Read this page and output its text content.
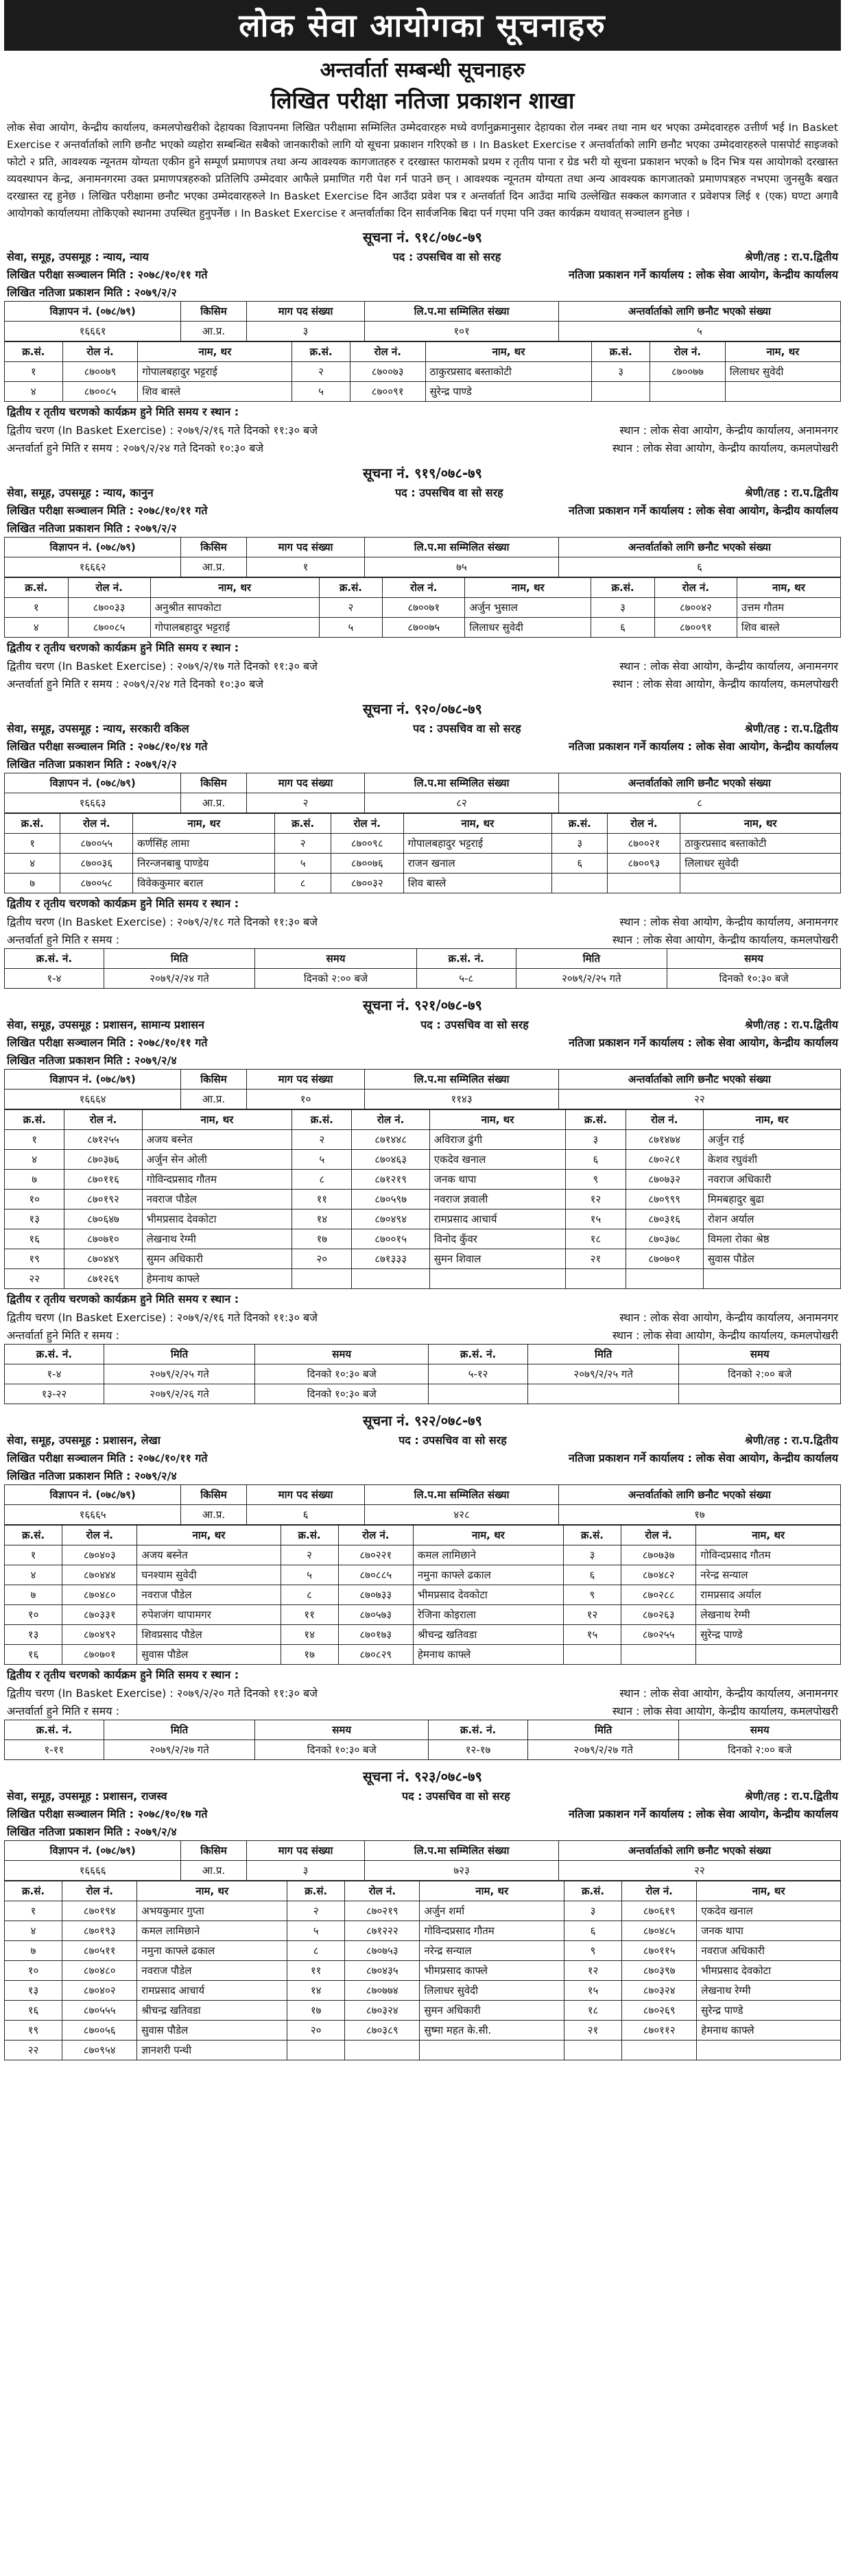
लोक सेवा आयोगका सूचनाहरु
अन्तर्वार्ता सम्बन्धी सूचनाहरु
लिखित परीक्षा नतिजा प्रकाशन शाखा

लोक सेवा आयोग, केन्द्रीय कार्यालय, कमलपोखरीको देहायका विज्ञापनमा लिखित परीक्षामा सम्मिलित उम्मेदवारहरु मध्ये वर्णानुक्रमानुसार देहायका रोल नम्बर तथा नाम थर भएका उम्मेदवारहरु उत्तीर्ण भई In Basket Exercise र अन्तर्वार्ताको लागि छनौट भएको व्यहोरा सम्बन्धित सबैको जानकारीको लागि यो सूचना प्रकाशन गरिएको छ । In Basket Exercise र अन्तर्वार्ताको लागि छनौट भएका उम्मेदवारहरुले पासपोर्ट साइजको फोटो २ प्रति, आवश्यक न्यूनतम योग्यता एकीन हुने सम्पूर्ण प्रमाणपत्र तथा अन्य आवश्यक कागजातहरु र दरखास्त फारामको प्रथम र तृतीय पाना र ग्रेड भरी यो सूचना प्रकाशन भएको ७ दिन भित्र यस आयोगको दरखास्त व्यवस्थापन केन्द्र, अनामनगरमा उक्त प्रमाणपत्रहरुको प्रतिलिपि उम्मेदवार आफैले प्रमाणित गरी पेश गर्न पाउने छन् । आवश्यक न्यूनतम योग्यता तथा अन्य आवश्यक कागजातको प्रमाणपत्रहरु नभएमा जुनसुकै बखत दरखास्त रद्द हुनेछ । लिखित परीक्षामा छनौट भएका उम्मेदवारहरुले In Basket Exercise दिन आउँदा प्रवेश पत्र र अन्तर्वार्ता दिन आउँदा माथि उल्लेखित सक्कल कागजात र प्रवेशपत्र लिई १ (एक) घण्टा अगावै आयोगको कार्यालयमा तोकिएको स्थानमा उपस्थित हुनुपर्नेछ । In Basket Exercise र अन्तर्वार्ताका दिन सार्वजनिक बिदा पर्न गएमा पनि उक्त कार्यक्रम यथावत् सञ्चालन हुनेछ ।

सूचना नं. ९१८/०७८-७९
सेवा, समूह, उपसमूह : न्याय, न्याय	पद : उपसचिव वा सो सरह	श्रेणी/तह : रा.प.द्वितीय
लिखित परीक्षा सञ्चालन मिति : २०७८/१०/११ गते	नतिजा प्रकाशन गर्ने कार्यालय : लोक सेवा आयोग, केन्द्रीय कार्यालय
लिखित नतिजा प्रकाशन मिति : २०७९/२/२
विज्ञापन नं. (०७८/७९)	किसिम	माग पद संख्या	लि.प.मा सम्मिलित संख्या	अन्तर्वार्ताको लागि छनौट भएको संख्या
१६६६१	आ.प्र.	३	१०१	५
क्र.सं.	रोल नं.	नाम, थर	क्र.सं.	रोल नं.	नाम, थर	क्र.सं.	रोल नं.	नाम, थर
१	८७००७९	गोपालबहादुर भट्टराई	२	८७००७३	ठाकुरप्रसाद बस्ताकोटी	३	८७००७७	लिलाधर सुवेदी
४	८७००८५	शिव बास्ले	५	८७००९१	सुरेन्द्र पाण्डे			
द्वितीय र तृतीय चरणको कार्यक्रम हुने मिति समय र स्थान :
द्वितीय चरण (In Basket Exercise) : २०७९/२/१६ गते दिनको ११:३० बजे	स्थान : लोक सेवा आयोग, केन्द्रीय कार्यालय, अनामनगर
अन्तर्वार्ता हुने मिति र समय : २०७९/२/२४ गते दिनको १०:३० बजे	स्थान : लोक सेवा आयोग, केन्द्रीय कार्यालय, कमलपोखरी
सूचना नं. ९१९/०७८-७९
सेवा, समूह, उपसमूह : न्याय, कानुन	पद : उपसचिव वा सो सरह	श्रेणी/तह : रा.प.द्वितीय
लिखित परीक्षा सञ्चालन मिति : २०७८/१०/११ गते	नतिजा प्रकाशन गर्ने कार्यालय : लोक सेवा आयोग, केन्द्रीय कार्यालय
लिखित नतिजा प्रकाशन मिति : २०७९/२/२
विज्ञापन नं. (०७८/७९)	किसिम	माग पद संख्या	लि.प.मा सम्मिलित संख्या	अन्तर्वार्ताको लागि छनौट भएको संख्या
१६६६२	आ.प्र.	१	७५	६
क्र.सं.	रोल नं.	नाम, थर	क्र.सं.	रोल नं.	नाम, थर	क्र.सं.	रोल नं.	नाम, थर
१	८७००३३	अनुश्रीत सापकोटा	२	८७००७१	अर्जुन भुसाल	३	८७००४२	उत्तम गौतम
४	८७००८५	गोपालबहादुर भट्टराई	५	८७००७५	लिलाधर सुवेदी	६	८७००९१	शिव बास्ले
द्वितीय र तृतीय चरणको कार्यक्रम हुने मिति समय र स्थान :
द्वितीय चरण (In Basket Exercise) : २०७९/२/१७ गते दिनको ११:३० बजे	स्थान : लोक सेवा आयोग, केन्द्रीय कार्यालय, अनामनगर
अन्तर्वार्ता हुने मिति र समय : २०७९/२/२४ गते दिनको १०:३० बजे	स्थान : लोक सेवा आयोग, केन्द्रीय कार्यालय, कमलपोखरी
सूचना नं. ९२०/०७८-७९
सेवा, समूह, उपसमूह : न्याय, सरकारी वकिल	पद : उपसचिव वा सो सरह	श्रेणी/तह : रा.प.द्वितीय
लिखित परीक्षा सञ्चालन मिति : २०७८/१०/१४ गते	नतिजा प्रकाशन गर्ने कार्यालय : लोक सेवा आयोग, केन्द्रीय कार्यालय
लिखित नतिजा प्रकाशन मिति : २०७९/२/२
विज्ञापन नं. (०७८/७९)	किसिम	माग पद संख्या	लि.प.मा सम्मिलित संख्या	अन्तर्वार्ताको लागि छनौट भएको संख्या
१६६६३	आ.प्र.	२	८२	८
क्र.सं.	रोल नं.	नाम, थर	क्र.सं.	रोल नं.	नाम, थर	क्र.सं.	रोल नं.	नाम, थर
१	८७००५५	कर्णसिंह लामा	२	८७००९८	गोपालबहादुर भट्टराई	३	८७००२१	ठाकुरप्रसाद बस्ताकोटी
४	८७००३६	निरन्जनबाबु पाण्डेय	५	८७००७६	राजन खनाल	६	८७००९३	लिलाधर सुवेदी
७	८७००५८	विवेककुमार बराल	८	८७००३२	शिव बास्ले			
द्वितीय र तृतीय चरणको कार्यक्रम हुने मिति समय र स्थान :
द्वितीय चरण (In Basket Exercise) : २०७९/२/१८ गते दिनको ११:३० बजे	स्थान : लोक सेवा आयोग, केन्द्रीय कार्यालय, अनामनगर
अन्तर्वार्ता हुने मिति र समय :	स्थान : लोक सेवा आयोग, केन्द्रीय कार्यालय, कमलपोखरी
क्र.सं. नं.	मिति	समय	क्र.सं. नं.	मिति	समय
१-४	२०७९/२/२४ गते	दिनको २:०० बजे	५-८	२०७९/२/२५ गते	दिनको १०:३० बजे
सूचना नं. ९२१/०७८-७९
सेवा, समूह, उपसमूह : प्रशासन, सामान्य प्रशासन	पद : उपसचिव वा सो सरह	श्रेणी/तह : रा.प.द्वितीय
लिखित परीक्षा सञ्चालन मिति : २०७८/१०/११ गते	नतिजा प्रकाशन गर्ने कार्यालय : लोक सेवा आयोग, केन्द्रीय कार्यालय
लिखित नतिजा प्रकाशन मिति : २०७९/२/४
विज्ञापन नं. (०७८/७९)	किसिम	माग पद संख्या	लि.प.मा सम्मिलित संख्या	अन्तर्वार्ताको लागि छनौट भएको संख्या
१६६६४	आ.प्र.	१०	११४३	२२
क्र.सं.	रोल नं.	नाम, थर	क्र.सं.	रोल नं.	नाम, थर	क्र.सं.	रोल नं.	नाम, थर
१	८७१२५५	अजय बस्नेत	२	८७१४४८	अविराज ढुंगी	३	८७१४७४	अर्जुन राई
४	८७०३७६	अर्जुन सेन ओली	५	८७०४६३	एकदेव खनाल	६	८७०२८१	केशव रघुवंशी
७	८७०११६	गोविन्दप्रसाद गौतम	८	८७१२१९	जनक थापा	९	८७०७३२	नवराज अधिकारी
१०	८७०१९२	नवराज पौडेल	११	८७०५९७	नवराज ज्ञवाली	१२	८७०९९९	मिमबहादुर बुढा
१३	८७०६४७	भीमप्रसाद देवकोटा	१४	८७०४९४	रामप्रसाद आचार्य	१५	८७०३१६	रोशन अर्याल
१६	८७०७१०	लेखनाथ रेग्मी	१७	८७००१५	विनोद कुँवर	१८	८७०३७८	विमला रोका श्रेष्ठ
१९	८७०४४९	सुमन अधिकारी	२०	८७१३३३	सुमन शिवाल	२१	८७०७०१	सुवास पौडेल
२२	८७१२६९	हेमनाथ काफ्ले						
द्वितीय र तृतीय चरणको कार्यक्रम हुने मिति समय र स्थान :
द्वितीय चरण (In Basket Exercise) : २०७९/२/१६ गते दिनको ११:३० बजे	स्थान : लोक सेवा आयोग, केन्द्रीय कार्यालय, अनामनगर
अन्तर्वार्ता हुने मिति र समय :	स्थान : लोक सेवा आयोग, केन्द्रीय कार्यालय, कमलपोखरी
क्र.सं. नं.	मिति	समय	क्र.सं. नं.	मिति	समय
१-४	२०७९/२/२५ गते	दिनको १०:३० बजे	५-१२	२०७९/२/२५ गते	दिनको २:०० बजे
१३-२२	२०७९/२/२६ गते	दिनको १०:३० बजे			
सूचना नं. ९२२/०७८-७९
सेवा, समूह, उपसमूह : प्रशासन, लेखा	पद : उपसचिव वा सो सरह	श्रेणी/तह : रा.प.द्वितीय
लिखित परीक्षा सञ्चालन मिति : २०७८/१०/११ गते	नतिजा प्रकाशन गर्ने कार्यालय : लोक सेवा आयोग, केन्द्रीय कार्यालय
लिखित नतिजा प्रकाशन मिति : २०७९/२/४
विज्ञापन नं. (०७८/७९)	किसिम	माग पद संख्या	लि.प.मा सम्मिलित संख्या	अन्तर्वार्ताको लागि छनौट भएको संख्या
१६६६५	आ.प्र.	६	४२८	१७
क्र.सं.	रोल नं.	नाम, थर	क्र.सं.	रोल नं.	नाम, थर	क्र.सं.	रोल नं.	नाम, थर
१	८७०४०३	अजय बस्नेत	२	८७०२२१	कमल लामिछाने	३	८७०७३७	गोविन्दप्रसाद गौतम
४	८७०४४४	घनश्याम सुवेदी	५	८७०८८५	नमुना काफ्ले ढकाल	६	८७०४८२	नरेन्द्र सन्याल
७	८७०४८०	नवराज पौडेल	८	८७०७३३	भीमप्रसाद देवकोटा	९	८७०२८८	रामप्रसाद अर्याल
१०	८७०३३१	रुपेशजंग थापामगर	११	८७०५७३	रेजिना कोइराला	१२	८७०२६३	लेखनाथ रेग्मी
१३	८७०४९२	शिवप्रसाद पौडेल	१४	८७०१७३	श्रीचन्द्र खतिवडा	१५	८७०२५५	सुरेन्द्र पाण्डे
१६	८७०७०१	सुवास पौडेल	१७	८७०८२९	हेमनाथ काफ्ले			
द्वितीय र तृतीय चरणको कार्यक्रम हुने मिति समय र स्थान :
द्वितीय चरण (In Basket Exercise) : २०७९/२/२० गते दिनको ११:३० बजे	स्थान : लोक सेवा आयोग, केन्द्रीय कार्यालय, अनामनगर
अन्तर्वार्ता हुने मिति र समय :	स्थान : लोक सेवा आयोग, केन्द्रीय कार्यालय, कमलपोखरी
क्र.सं. नं.	मिति	समय	क्र.सं. नं.	मिति	समय
१-११	२०७९/२/२७ गते	दिनको १०:३० बजे	१२-१७	२०७९/२/२७ गते	दिनको २:०० बजे
सूचना नं. ९२३/०७८-७९
सेवा, समूह, उपसमूह : प्रशासन, राजस्व	पद : उपसचिव वा सो सरह	श्रेणी/तह : रा.प.द्वितीय
लिखित परीक्षा सञ्चालन मिति : २०७८/१०/१७ गते	नतिजा प्रकाशन गर्ने कार्यालय : लोक सेवा आयोग, केन्द्रीय कार्यालय
लिखित नतिजा प्रकाशन मिति : २०७९/२/४
विज्ञापन नं. (०७८/७९)	किसिम	माग पद संख्या	लि.प.मा सम्मिलित संख्या	अन्तर्वार्ताको लागि छनौट भएको संख्या
१६६६६	आ.प्र.	३	७२३	२२
क्र.सं.	रोल नं.	नाम, थर	क्र.सं.	रोल नं.	नाम, थर	क्र.सं.	रोल नं.	नाम, थर
१	८७०१९४	अभयकुमार गुप्ता	२	८७०२१९	अर्जुन शर्मा	३	८७०६१९	एकदेव खनाल
४	८७०१९३	कमल लामिछाने	५	८७१२२२	गोविन्दप्रसाद गौतम	६	८७०४८५	जनक थापा
७	८७०५११	नमुना काफ्ले ढकाल	८	८७०७५३	नरेन्द्र सन्याल	९	८७०११५	नवराज अधिकारी
१०	८७०४८०	नवराज पौडेल	११	८७०४३५	भीमप्रसाद काफ्ले	१२	८७०३९७	भीमप्रसाद देवकोटा
१३	८७०४०२	रामप्रसाद आचार्य	१४	८७०७७४	लिलाधर सुवेदी	१५	८७०३२४	लेखनाथ रेग्मी
१६	८७०५५५	श्रीचन्द्र खतिवडा	१७	८७०३२४	सुमन अधिकारी	१८	८७०२६९	सुरेन्द्र पाण्डे
१९	८७००५६	सुवास पौडेल	२०	८७०३८९	सुष्मा महत के.सी.	२१	८७०११२	हेमनाथ काफ्ले
२२	८७०९५४	ज्ञानशरी पन्थी						
